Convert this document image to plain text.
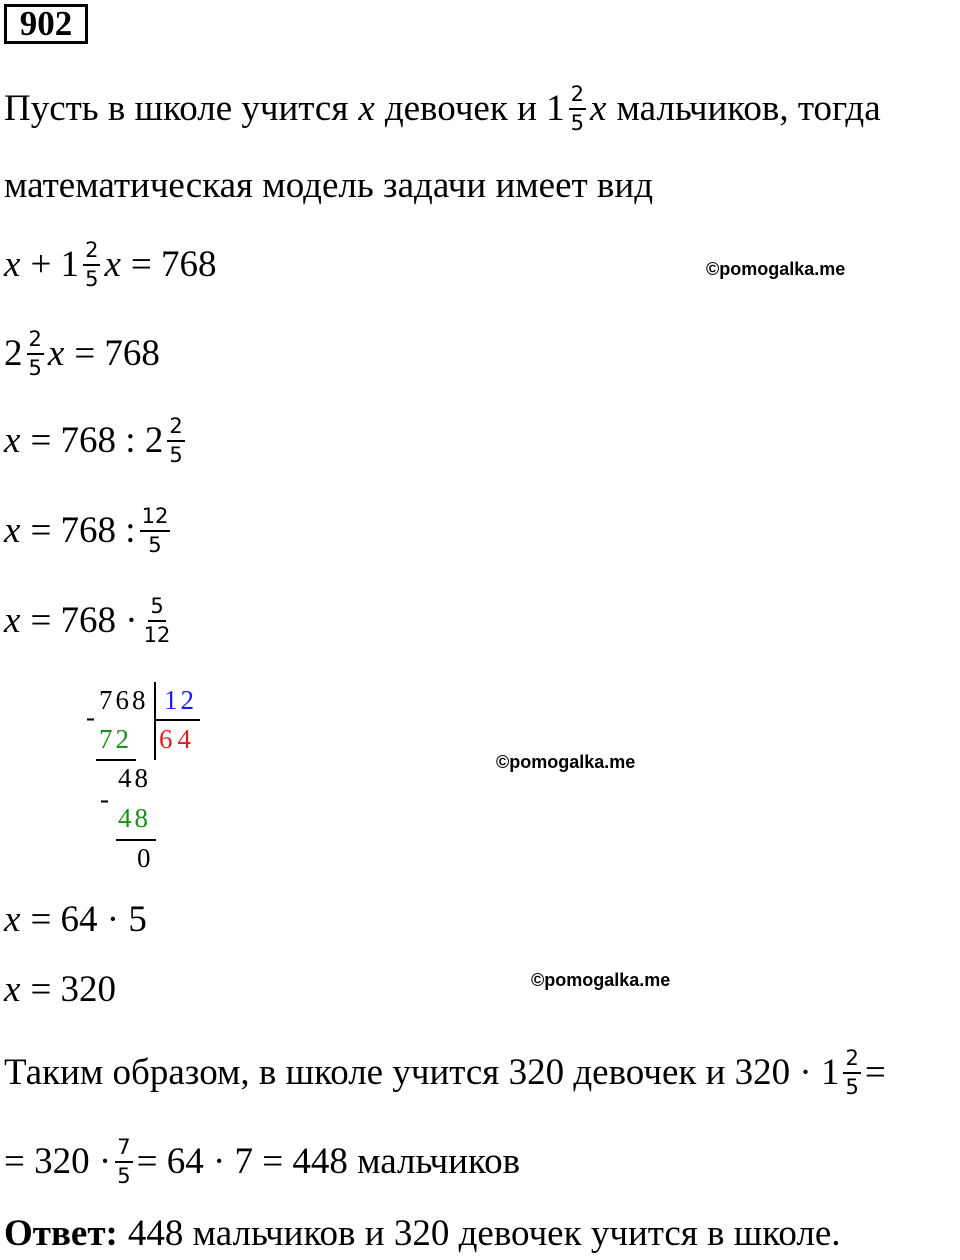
902
Пусть в школе учится x девочек и $1 \frac{2}{5}$ x мальчиков, тогда
математическая модель задачи имеет вид
$x + 1 \frac{2}{5}$ x = 768	©pomogalka.me
$2 \frac{2}{5}$ x = 768
x = 768 : $2 \frac{2}{5}$
x = 768 : $\frac{12}{5}$
$x = 768 \cdot \frac{5}{12}$
-
768 12
72 64
48
-
48
0
©pomogalka.me
x = 64 · 5
x = 320	©pomogalka.me
Таким образом, в школе учится 320 девочек и $320 \cdot 1 \frac{2}{5}$ =
= $320 \cdot \frac{7}{5} = 64 \cdot 7 = 448$ мальчиков
Ответ: 448 мальчиков и 320 девочек учится в школе.
